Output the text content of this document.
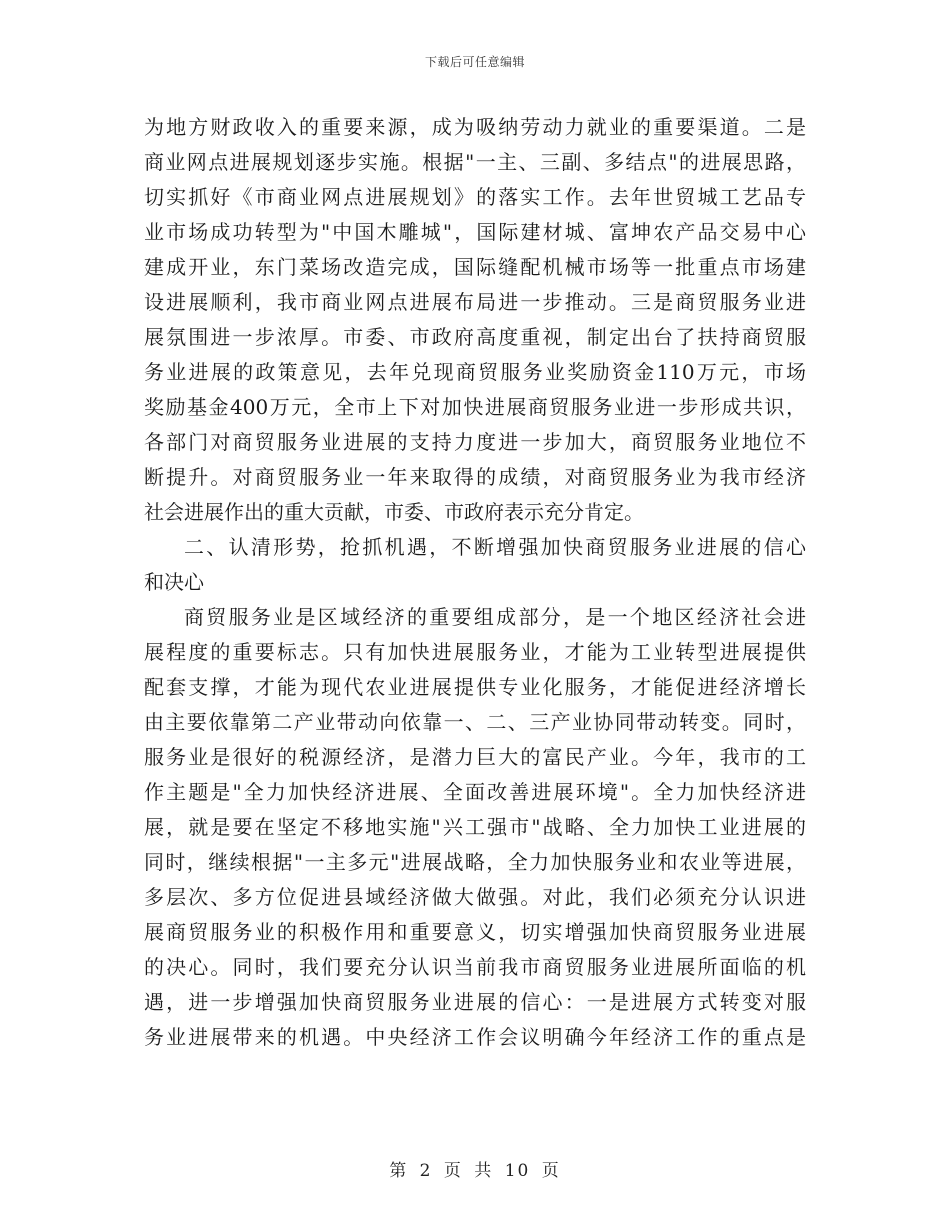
下载后可任意编辑
为地方财政收入的重要来源，成为吸纳劳动力就业的重要渠道。二是
商业网点进展规划逐步实施。根据"一主、三副、多结点"的进展思路，
切实抓好《市商业网点进展规划》的落实工作。去年世贸城工艺品专
业市场成功转型为"中国木雕城"，国际建材城、富坤农产品交易中心
建成开业，东门菜场改造完成，国际缝配机械市场等一批重点市场建
设进展顺利，我市商业网点进展布局进一步推动。三是商贸服务业进
展氛围进一步浓厚。市委、市政府高度重视，制定出台了扶持商贸服
务业进展的政策意见，去年兑现商贸服务业奖励资金110万元，市场
奖励基金400万元，全市上下对加快进展商贸服务业进一步形成共识，
各部门对商贸服务业进展的支持力度进一步加大，商贸服务业地位不
断提升。对商贸服务业一年来取得的成绩，对商贸服务业为我市经济
社会进展作出的重大贡献，市委、市政府表示充分肯定。
二、认清形势，抢抓机遇，不断增强加快商贸服务业进展的信心
和决心
商贸服务业是区域经济的重要组成部分，是一个地区经济社会进
展程度的重要标志。只有加快进展服务业，才能为工业转型进展提供
配套支撑，才能为现代农业进展提供专业化服务，才能促进经济增长
由主要依靠第二产业带动向依靠一、二、三产业协同带动转变。同时，
服务业是很好的税源经济，是潜力巨大的富民产业。今年，我市的工
作主题是"全力加快经济进展、全面改善进展环境"。全力加快经济进
展，就是要在坚定不移地实施"兴工强市"战略、全力加快工业进展的
同时，继续根据"一主多元"进展战略，全力加快服务业和农业等进展，
多层次、多方位促进县域经济做大做强。对此，我们必须充分认识进
展商贸服务业的积极作用和重要意义，切实增强加快商贸服务业进展
的决心。同时，我们要充分认识当前我市商贸服务业进展所面临的机
遇，进一步增强加快商贸服务业进展的信心：一是进展方式转变对服
务业进展带来的机遇。中央经济工作会议明确今年经济工作的重点是
第 2 页 共 10 页
